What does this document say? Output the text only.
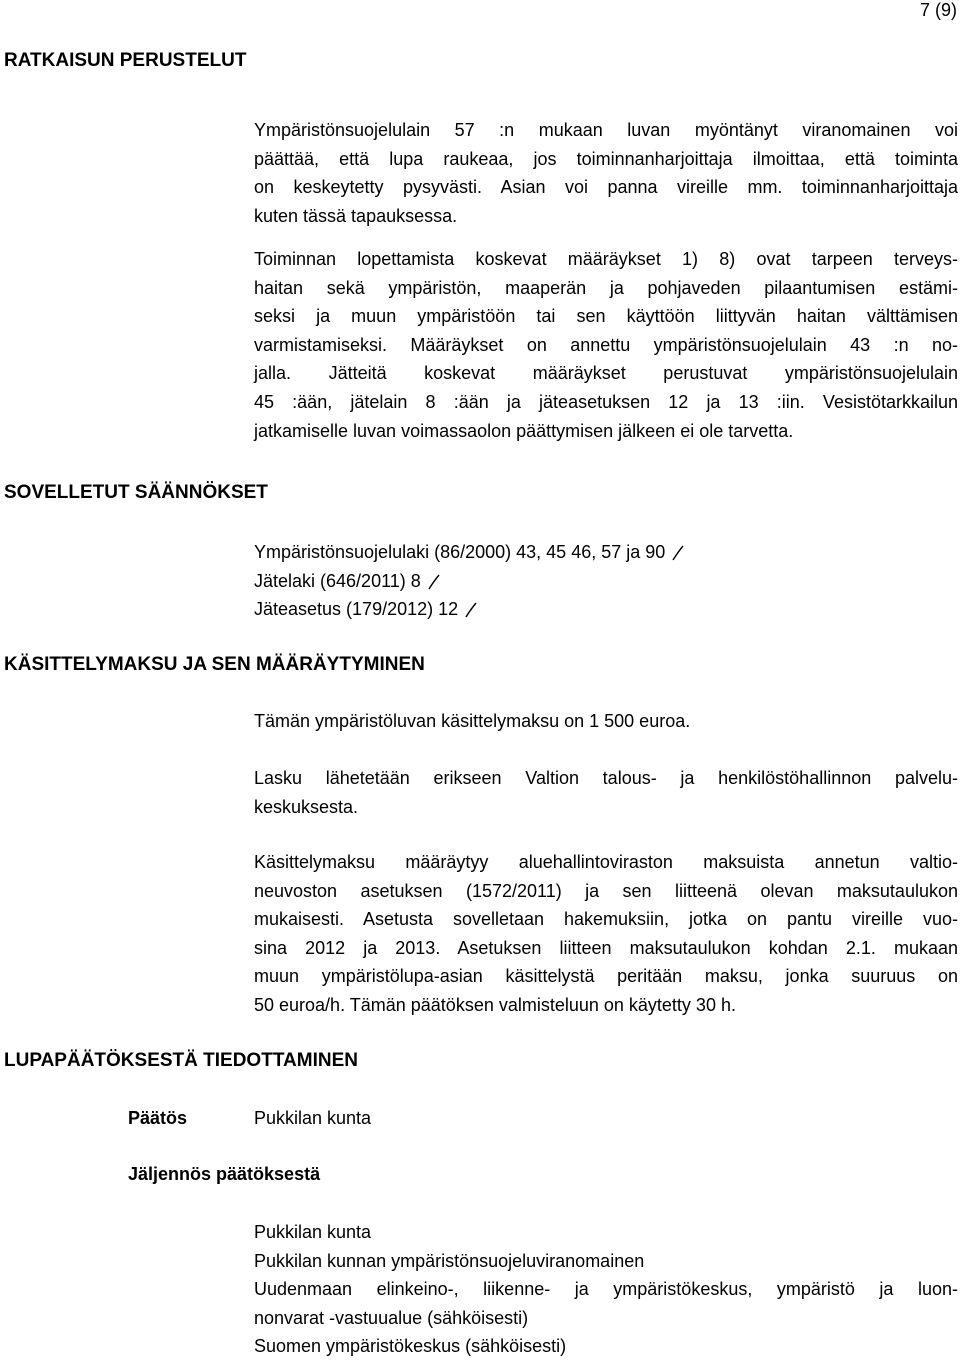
7 (9)
RATKAISUN PERUSTELUT
Ympäristönsuojelulain 57 :n mukaan luvan myöntänyt viranomainen voi
päättää, että lupa raukeaa, jos toiminnanharjoittaja ilmoittaa, että toiminta
on keskeytetty pysyvästi. Asian voi panna vireille mm. toiminnanharjoittaja
kuten tässä tapauksessa.
Toiminnan lopettamista koskevat määräykset 1) 8) ovat tarpeen terveys-
haitan sekä ympäristön, maaperän ja pohjaveden pilaantumisen estämi-
seksi ja muun ympäristöön tai sen käyttöön liittyvän haitan välttämisen
varmistamiseksi. Määräykset on annettu ympäristönsuojelulain 43 :n no-
jalla. Jätteitä koskevat määräykset perustuvat ympäristönsuojelulain
45 :ään, jätelain 8 :ään ja jäteasetuksen 12 ja 13 :iin. Vesistötarkkailun
jatkamiselle luvan voimassaolon päättymisen jälkeen ei ole tarvetta.
SOVELLETUT SÄÄNNÖKSET
Ympäristönsuojelulaki (86/2000) 43, 45 46, 57 ja 90
Jätelaki (646/2011) 8
Jäteasetus (179/2012) 12
KÄSITTELYMAKSU JA SEN MÄÄRÄYTYMINEN
Tämän ympäristöluvan käsittelymaksu on 1 500 euroa.
Lasku lähetetään erikseen Valtion talous- ja henkilöstöhallinnon palvelu-
keskuksesta.
Käsittelymaksu määräytyy aluehallintoviraston maksuista annetun valtio-
neuvoston asetuksen (1572/2011) ja sen liitteenä olevan maksutaulukon
mukaisesti. Asetusta sovelletaan hakemuksiin, jotka on pantu vireille vuo-
sina 2012 ja 2013. Asetuksen liitteen maksutaulukon kohdan 2.1. mukaan
muun ympäristölupa-asian käsittelystä peritään maksu, jonka suuruus on
50 euroa/h. Tämän päätöksen valmisteluun on käytetty 30 h.
LUPAPÄÄTÖKSESTÄ TIEDOTTAMINEN
Päätös	Pukkilan kunta
Jäljennös päätöksestä
Pukkilan kunta
Pukkilan kunnan ympäristönsuojeluviranomainen
Uudenmaan elinkeino-, liikenne- ja ympäristökeskus, ympäristö ja luon-
nonvarat -vastuualue (sähköisesti)
Suomen ympäristökeskus (sähköisesti)
